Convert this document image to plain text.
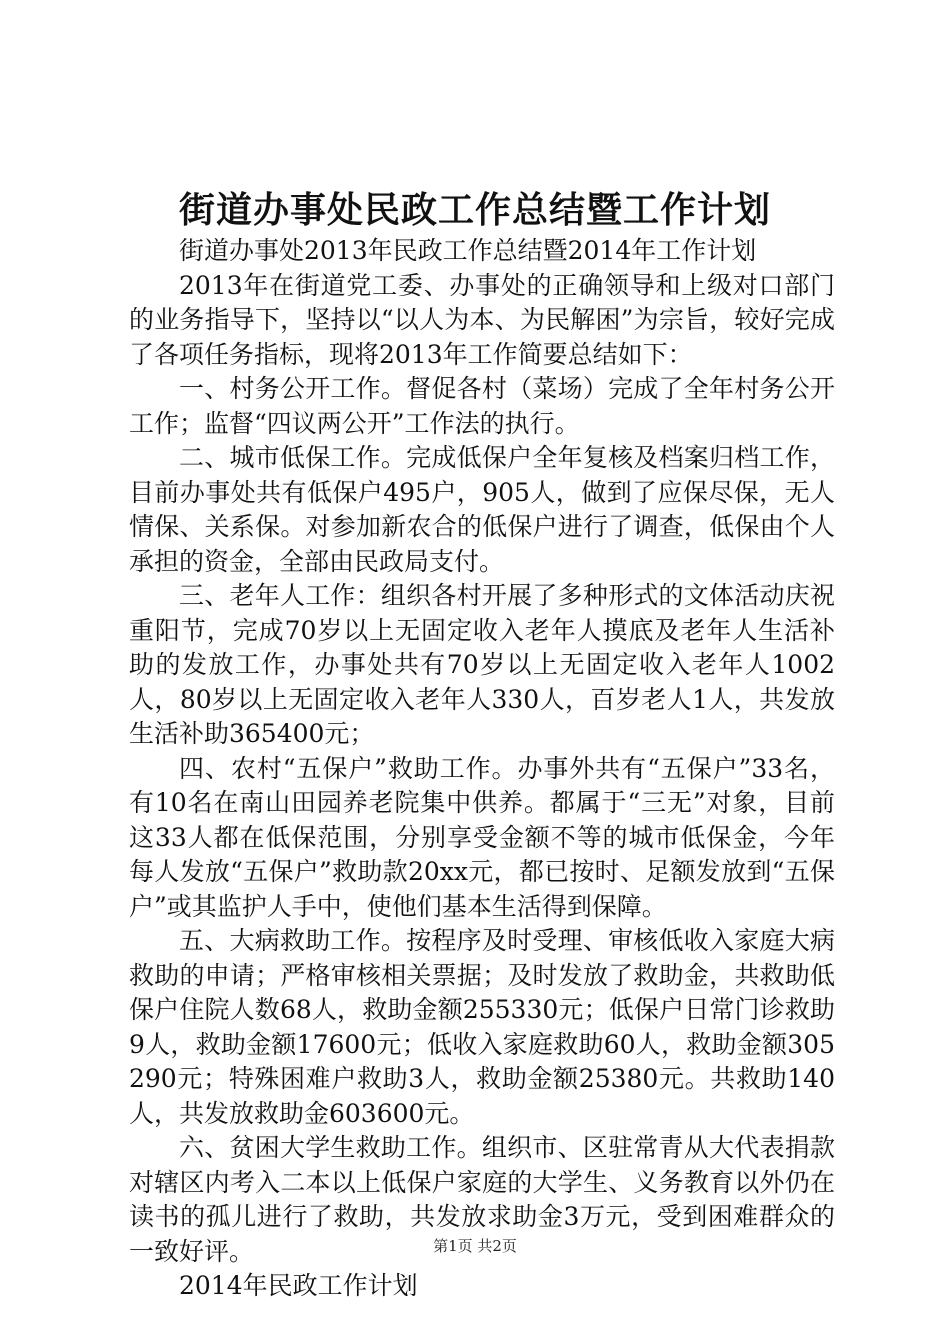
街道办事处民政工作总结暨工作计划

街道办事处2013年民政工作总结暨2014年工作计划

2013年在街道党工委、办事处的正确领导和上级对口部门的业务指导下，坚持以“以人为本、为民解困”为宗旨，较好完成了各项任务指标，现将2013年工作简要总结如下：

一、村务公开工作。督促各村（菜场）完成了全年村务公开工作；监督“四议两公开”工作法的执行。

二、城市低保工作。完成低保户全年复核及档案归档工作，目前办事处共有低保户495户，905人，做到了应保尽保，无人情保、关系保。对参加新农合的低保户进行了调查，低保由个人承担的资金，全部由民政局支付。

三、老年人工作：组织各村开展了多种形式的文体活动庆祝重阳节，完成70岁以上无固定收入老年人摸底及老年人生活补助的发放工作，办事处共有70岁以上无固定收入老年人1002人，80岁以上无固定收入老年人330人，百岁老人1人，共发放生活补助365400元；

四、农村“五保户”救助工作。办事外共有“五保户”33名，有10名在南山田园养老院集中供养。都属于“三无”对象，目前这33人都在低保范围，分别享受金额不等的城市低保金，今年每人发放“五保户”救助款20xx元，都已按时、足额发放到“五保户”或其监护人手中，使他们基本生活得到保障。

五、大病救助工作。按程序及时受理、审核低收入家庭大病救助的申请；严格审核相关票据；及时发放了救助金，共救助低保户住院人数68人，救助金额255330元；低保户日常门诊救助9人，救助金额17600元；低收入家庭救助60人，救助金额305290元；特殊困难户救助3人，救助金额25380元。共救助140人，共发放救助金603600元。

六、贫困大学生救助工作。组织市、区驻常青从大代表捐款对辖区内考入二本以上低保户家庭的大学生、义务教育以外仍在读书的孤儿进行了救助，共发放求助金3万元，受到困难群众的一致好评。

2014年民政工作计划

第1页 共2页
